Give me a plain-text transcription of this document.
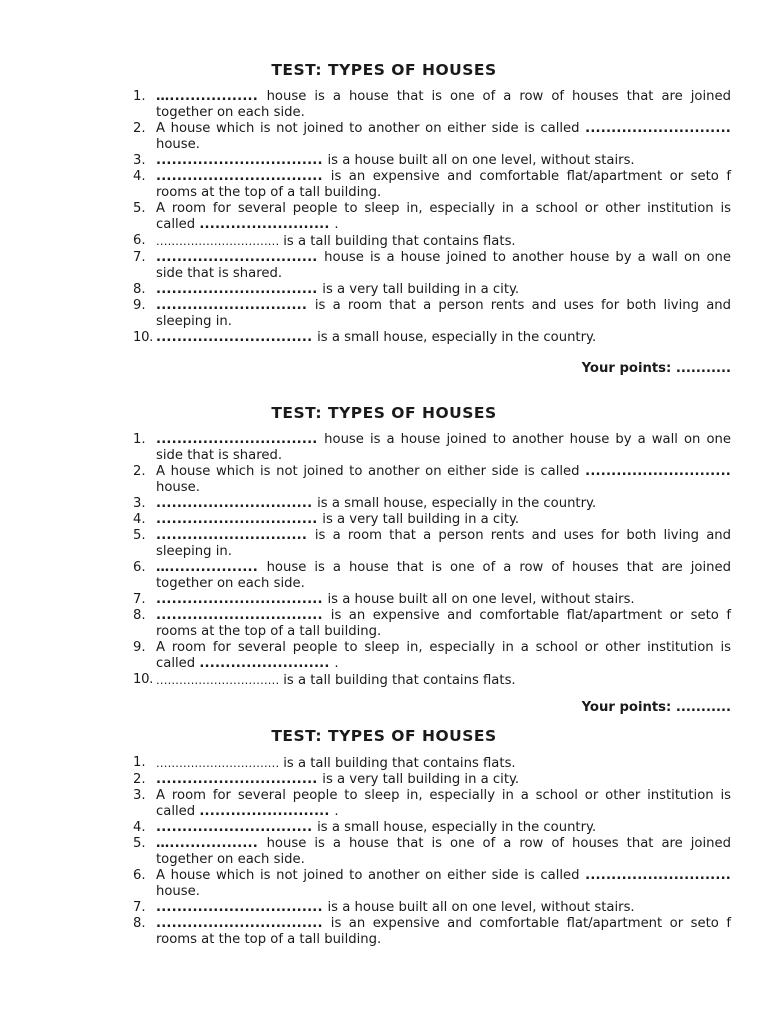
TEST: TYPES OF HOUSES
1. …................. house is a house that is one of a row of houses that are joined together on each side.
2. A house which is not joined to another on either side is called ............................ house.
3. ................................ is a house built all on one level, without stairs.
4. ................................ is an expensive and comfortable flat/apartment or seto f rooms at the top of a tall building.
5. A room for several people to sleep in, especially in a school or other institution is called ......................... .
6. ................................ is a tall building that contains flats.
7. ............................... house is a house joined to another house by a wall on one side that is shared.
8. ............................... is a very tall building in a city.
9. ............................. is a room that a person rents and uses for both living and sleeping in.
10. .............................. is a small house, especially in the country.
Your points: ...........
TEST: TYPES OF HOUSES
1. ............................... house is a house joined to another house by a wall on one side that is shared.
2. A house which is not joined to another on either side is called ............................ house.
3. .............................. is a small house, especially in the country.
4. ............................... is a very tall building in a city.
5. ............................. is a room that a person rents and uses for both living and sleeping in.
6. …................. house is a house that is one of a row of houses that are joined together on each side.
7. ................................ is a house built all on one level, without stairs.
8. ................................ is an expensive and comfortable flat/apartment or seto f rooms at the top of a tall building.
9. A room for several people to sleep in, especially in a school or other institution is called ......................... .
10. ................................ is a tall building that contains flats.
Your points: ...........
TEST: TYPES OF HOUSES
1. ................................ is a tall building that contains flats.
2. ............................... is a very tall building in a city.
3. A room for several people to sleep in, especially in a school or other institution is called ......................... .
4. .............................. is a small house, especially in the country.
5. …................. house is a house that is one of a row of houses that are joined together on each side.
6. A house which is not joined to another on either side is called ............................ house.
7. ................................ is a house built all on one level, without stairs.
8. ................................ is an expensive and comfortable flat/apartment or seto f rooms at the top of a tall building.
